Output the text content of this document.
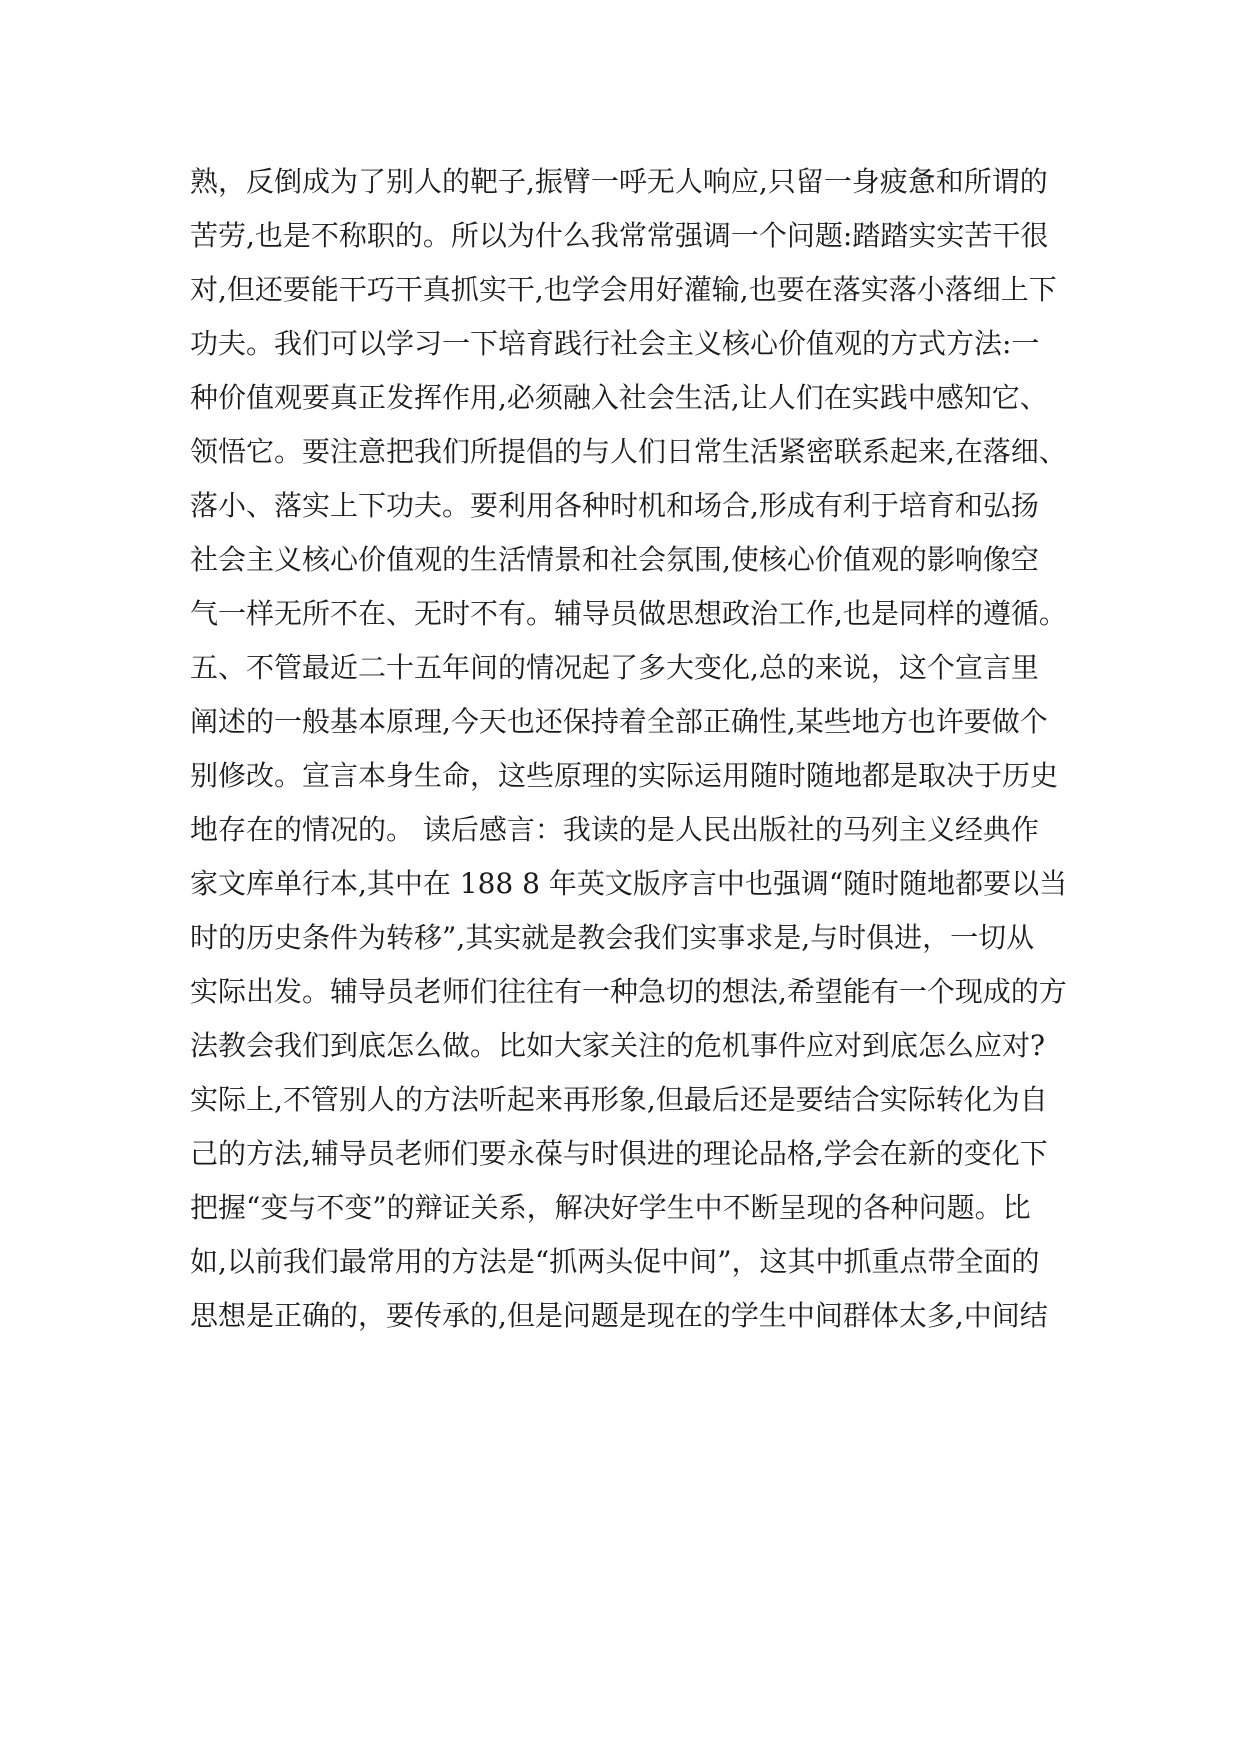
熟，反倒成为了别人的靶子,振臂一呼无人响应,只留一身疲惫和所谓的
苦劳,也是不称职的。所以为什么我常常强调一个问题:踏踏实实苦干很
对,但还要能干巧干真抓实干,也学会用好灌输,也要在落实落小落细上下
功夫。我们可以学习一下培育践行社会主义核心价值观的方式方法:一
种价值观要真正发挥作用,必须融入社会生活,让人们在实践中感知它、
领悟它。要注意把我们所提倡的与人们日常生活紧密联系起来,在落细、
落小、落实上下功夫。要利用各种时机和场合,形成有利于培育和弘扬
社会主义核心价值观的生活情景和社会氛围,使核心价值观的影响像空
气一样无所不在、无时不有。辅导员做思想政治工作,也是同样的遵循。
五、不管最近二十五年间的情况起了多大变化,总的来说，这个宣言里
阐述的一般基本原理,今天也还保持着全部正确性,某些地方也许要做个
别修改。宣言本身生命，这些原理的实际运用随时随地都是取决于历史
地存在的情况的。 读后感言：我读的是人民出版社的马列主义经典作
家文库单行本,其中在 188 8 年英文版序言中也强调“随时随地都要以当
时的历史条件为转移”,其实就是教会我们实事求是,与时俱进，一切从
实际出发。辅导员老师们往往有一种急切的想法,希望能有一个现成的方
法教会我们到底怎么做。比如大家关注的危机事件应对到底怎么应对?
实际上,不管别人的方法听起来再形象,但最后还是要结合实际转化为自
己的方法,辅导员老师们要永葆与时俱进的理论品格,学会在新的变化下
把握“变与不变”的辩证关系，解决好学生中不断呈现的各种问题。比
如,以前我们最常用的方法是“抓两头促中间”，这其中抓重点带全面的
思想是正确的，要传承的,但是问题是现在的学生中间群体太多,中间结
